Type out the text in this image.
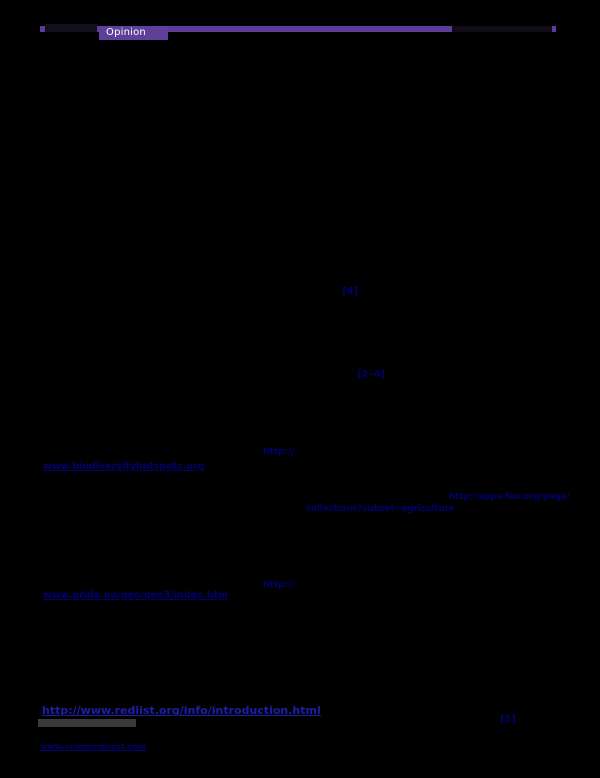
Opinion
[4]
[2–4]
http://
www.biodiversityhotspots.org
http://apps.fao.org/page/
collections?subset=agriculture
http://
www.grida.no/geo/geo3/index.htm
http://www.redlist.org/info/introduction.html
[5]
www.sciencedirect.com
